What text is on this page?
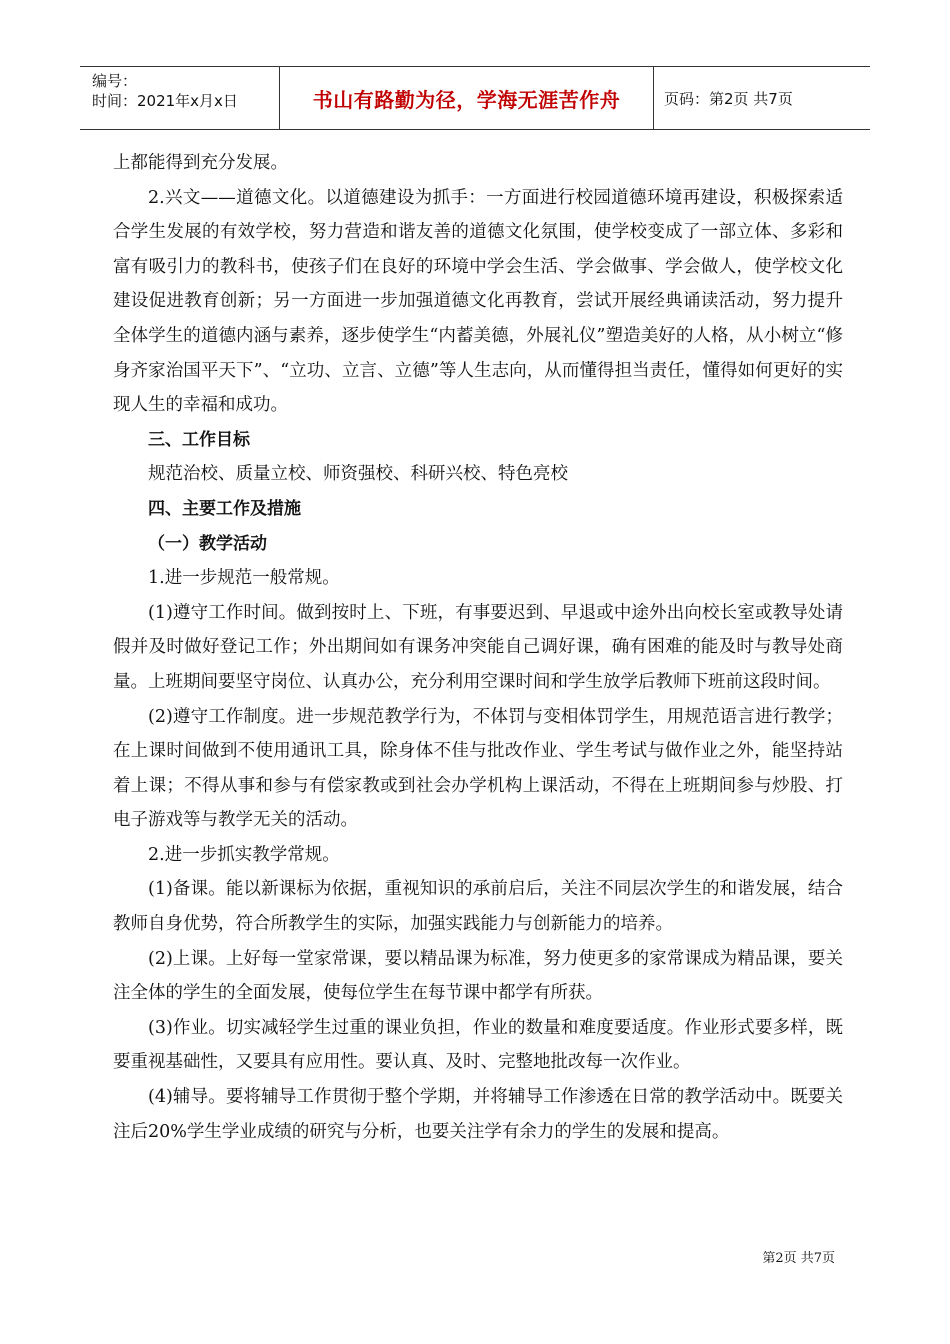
编号：
时间：2021年x月x日	书山有路勤为径，学海无涯苦作舟	页码：第2页 共7页

上都能得到充分发展。

2.兴文——道德文化。以道德建设为抓手：一方面进行校园道德环境再建设，积极探索适合学生发展的有效学校，努力营造和谐友善的道德文化氛围，使学校变成了一部立体、多彩和富有吸引力的教科书，使孩子们在良好的环境中学会生活、学会做事、学会做人，使学校文化建设促进教育创新；另一方面进一步加强道德文化再教育，尝试开展经典诵读活动，努力提升全体学生的道德内涵与素养，逐步使学生“内蓄美德，外展礼仪”塑造美好的人格，从小树立“修身齐家治国平天下”、“立功、立言、立德”等人生志向，从而懂得担当责任，懂得如何更好的实现人生的幸福和成功。

三、工作目标

规范治校、质量立校、师资强校、科研兴校、特色亮校

四、主要工作及措施

（一）教学活动

1.进一步规范一般常规。

(1)遵守工作时间。做到按时上、下班，有事要迟到、早退或中途外出向校长室或教导处请假并及时做好登记工作；外出期间如有课务冲突能自己调好课，确有困难的能及时与教导处商量。上班期间要坚守岗位、认真办公，充分利用空课时间和学生放学后教师下班前这段时间。

(2)遵守工作制度。进一步规范教学行为，不体罚与变相体罚学生，用规范语言进行教学；在上课时间做到不使用通讯工具，除身体不佳与批改作业、学生考试与做作业之外，能坚持站着上课；不得从事和参与有偿家教或到社会办学机构上课活动，不得在上班期间参与炒股、打电子游戏等与教学无关的活动。

2.进一步抓实教学常规。

(1)备课。能以新课标为依据，重视知识的承前启后，关注不同层次学生的和谐发展，结合教师自身优势，符合所教学生的实际，加强实践能力与创新能力的培养。

(2)上课。上好每一堂家常课，要以精品课为标准，努力使更多的家常课成为精品课，要关注全体的学生的全面发展，使每位学生在每节课中都学有所获。

(3)作业。切实减轻学生过重的课业负担，作业的数量和难度要适度。作业形式要多样，既要重视基础性，又要具有应用性。要认真、及时、完整地批改每一次作业。

(4)辅导。要将辅导工作贯彻于整个学期，并将辅导工作渗透在日常的教学活动中。既要关注后20%学生学业成绩的研究与分析，也要关注学有余力的学生的发展和提高。

第2页 共7页
